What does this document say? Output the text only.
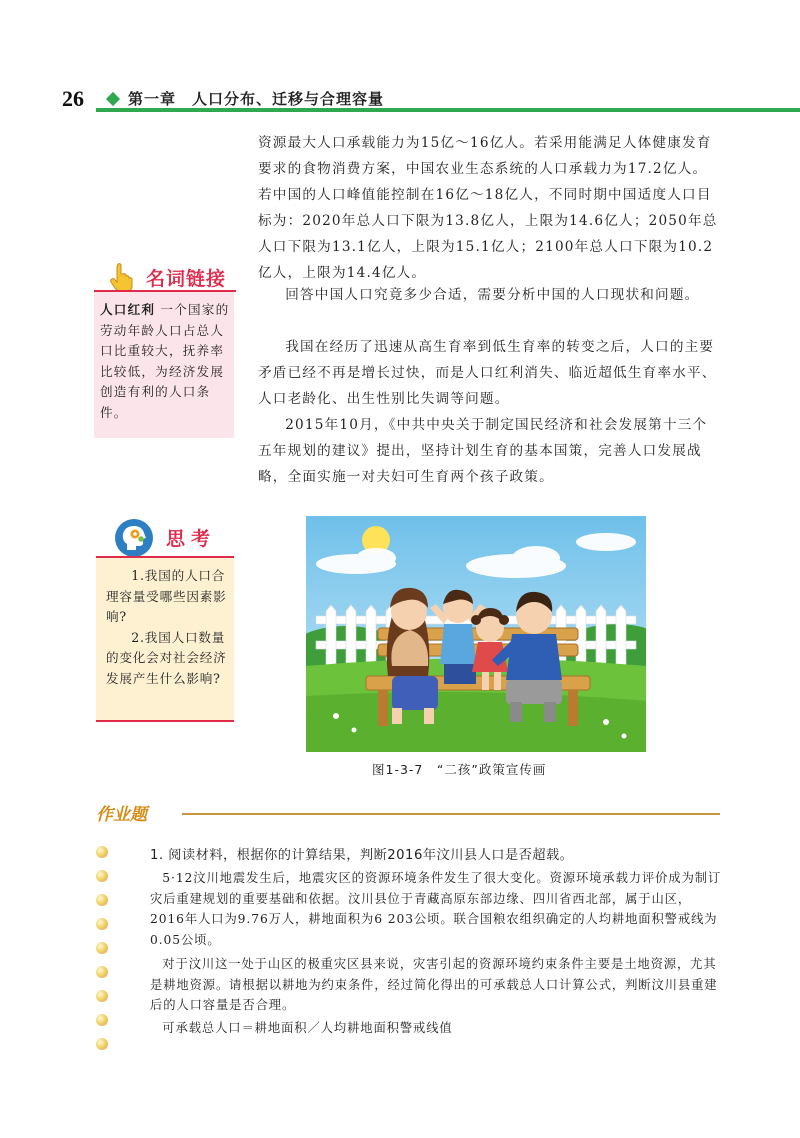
26	第一章　人口分布、迁移与合理容量

资源最大人口承载能力为15亿～16亿人。若采用能满足人体健康发育要求的食物消费方案，中国农业生态系统的人口承载力为17.2亿人。若中国的人口峰值能控制在16亿～18亿人，不同时期中国适度人口目标为：2020年总人口下限为13.8亿人，上限为14.6亿人；2050年总人口下限为13.1亿人，上限为15.1亿人；2100年总人口下限为10.2亿人，上限为14.4亿人。

回答中国人口究竟多少合适，需要分析中国的人口现状和问题。

我国在经历了迅速从高生育率到低生育率的转变之后，人口的主要矛盾已经不再是增长过快，而是人口红利消失、临近超低生育率水平、人口老龄化、出生性别比失调等问题。

2015年10月，《中共中央关于制定国民经济和社会发展第十三个五年规划的建议》提出，坚持计划生育的基本国策，完善人口发展战略，全面实施一对夫妇可生育两个孩子政策。

名词链接
人口红利 一个国家的劳动年龄人口占总人口比重较大，抚养率比较低，为经济发展创造有利的人口条件。
思考

1.我国的人口合理容量受哪些因素影响?

2.我国人口数量的变化会对社会经济发展产生什么影响?

图1-3-7　“二孩”政策宣传画
作业题
1. 阅读材料，根据你的计算结果，判断2016年汶川县人口是否超载。

5·12汶川地震发生后，地震灾区的资源环境条件发生了很大变化。资源环境承载力评价成为制订灾后重建规划的重要基础和依据。汶川县位于青藏高原东部边缘、四川省西北部，属于山区，2016年人口为9.76万人，耕地面积为6 203公顷。联合国粮农组织确定的人均耕地面积警戒线为0.05公顷。

对于汶川这一处于山区的极重灾区县来说，灾害引起的资源环境约束条件主要是土地资源，尤其是耕地资源。请根据以耕地为约束条件，经过简化得出的可承载总人口计算公式，判断汶川县重建后的人口容量是否合理。

可承载总人口＝耕地面积／人均耕地面积警戒线值
